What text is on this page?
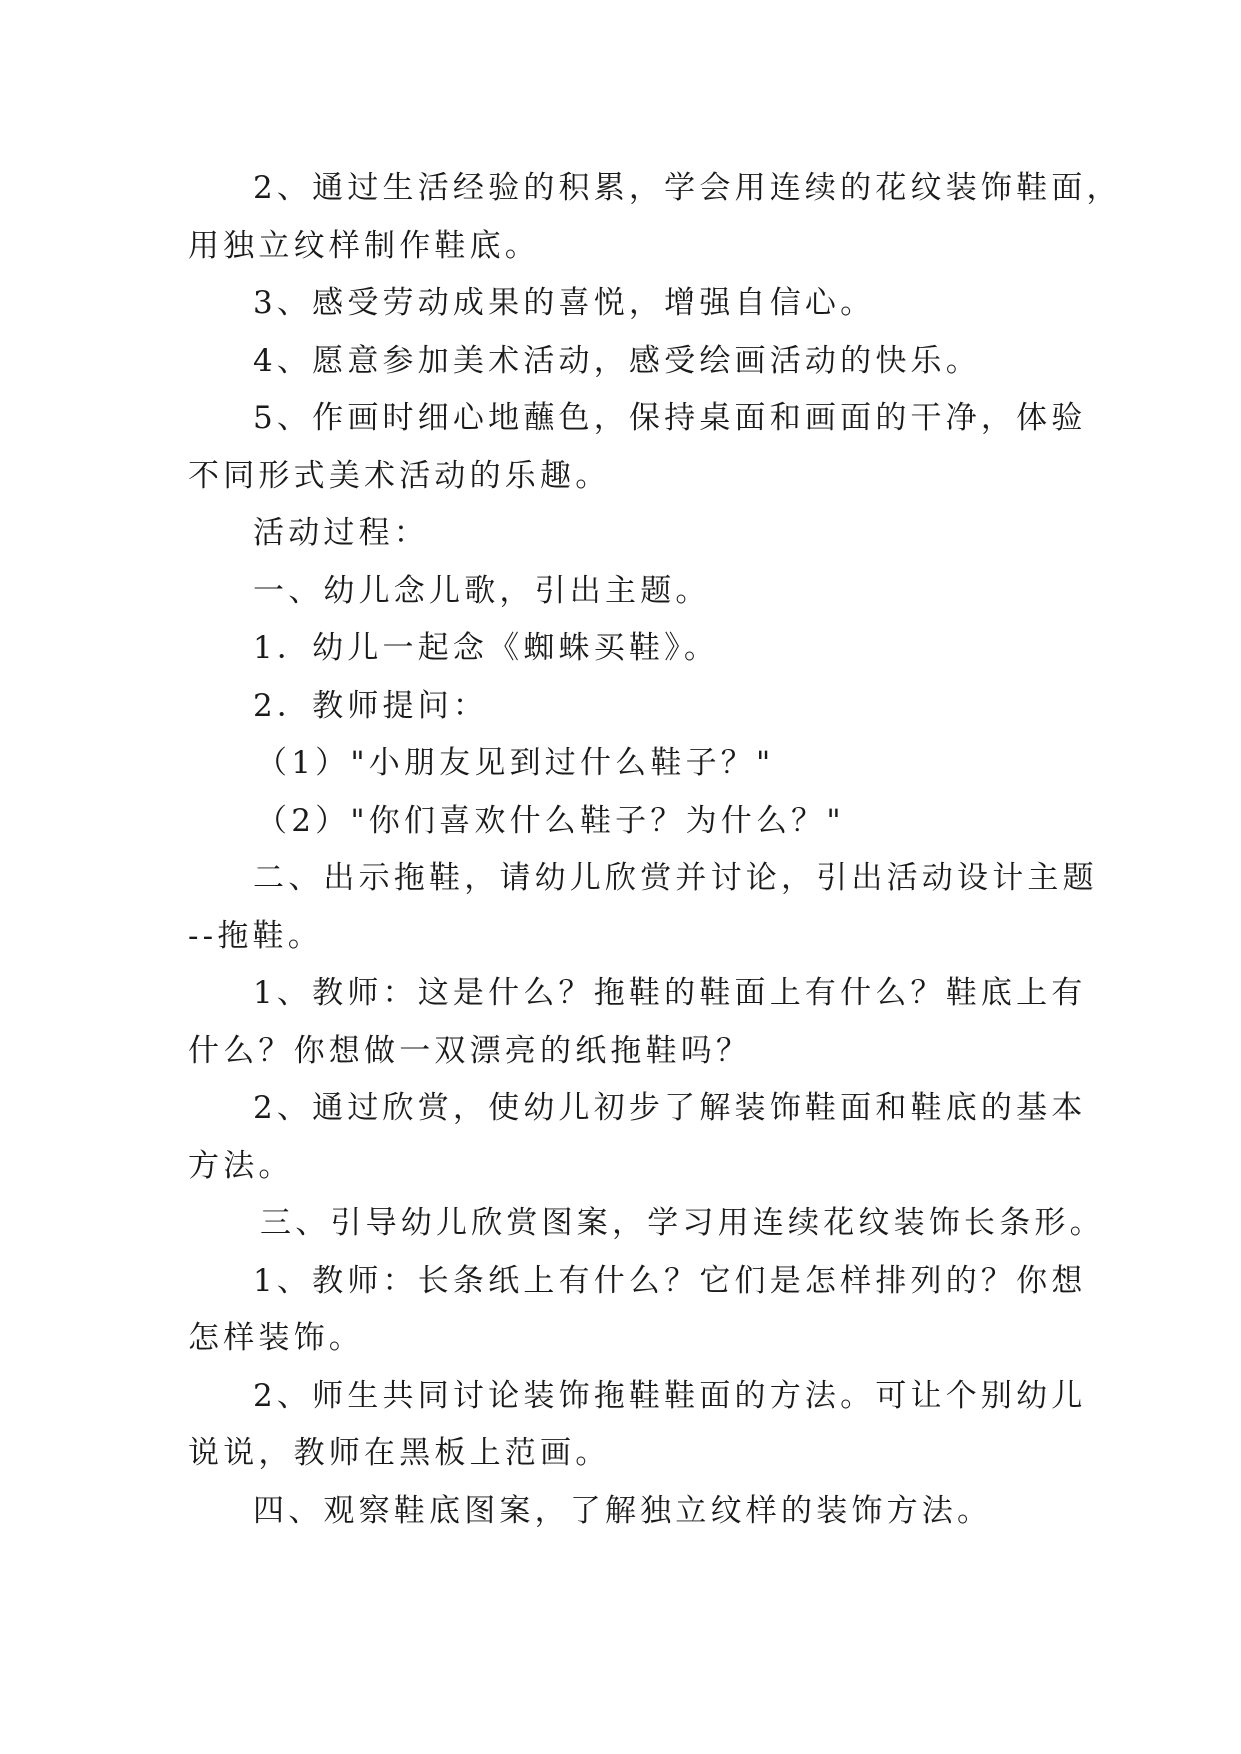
2、通过生活经验的积累，学会用连续的花纹装饰鞋面，
用独立纹样制作鞋底。
3、感受劳动成果的喜悦，增强自信心。
4、愿意参加美术活动，感受绘画活动的快乐。
5、作画时细心地蘸色，保持桌面和画面的干净，体验
不同形式美术活动的乐趣。
活动过程：
一、幼儿念儿歌，引出主题。
1．幼儿一起念《蜘蛛买鞋》。
2．教师提问：
（1）"小朋友见到过什么鞋子？"
（2）"你们喜欢什么鞋子？为什么？"
二、出示拖鞋，请幼儿欣赏并讨论，引出活动设计主题
--拖鞋。
1、教师：这是什么？拖鞋的鞋面上有什么？鞋底上有
什么？你想做一双漂亮的纸拖鞋吗？
2、通过欣赏，使幼儿初步了解装饰鞋面和鞋底的基本
方法。
三、引导幼儿欣赏图案，学习用连续花纹装饰长条形。
1、教师：长条纸上有什么？它们是怎样排列的？你想
怎样装饰。
2、师生共同讨论装饰拖鞋鞋面的方法。可让个别幼儿
说说，教师在黑板上范画。
四、观察鞋底图案，了解独立纹样的装饰方法。
